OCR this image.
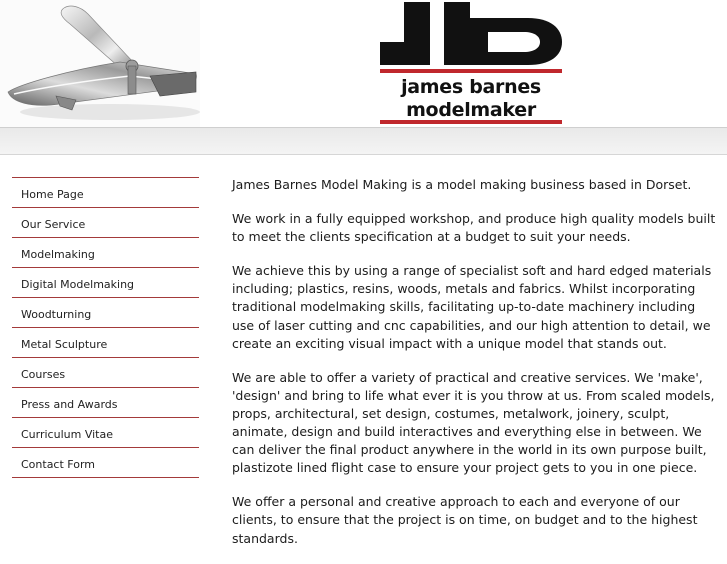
james barnes
modelmaker
Home Page
Our Service
Modelmaking
Digital Modelmaking
Woodturning
Metal Sculpture
Courses
Press and Awards
Curriculum Vitae
Contact Form

James Barnes Model Making is a model making business based in Dorset.

We work in a fully equipped workshop, and produce high quality models built to meet the clients specification at a budget to suit your needs.

We achieve this by using a range of specialist soft and hard edged materials including; plastics, resins, woods, metals and fabrics. Whilst incorporating traditional modelmaking skills, facilitating up-to-date machinery including use of laser cutting and cnc capabilities, and our high attention to detail, we create an exciting visual impact with a unique model that stands out.

We are able to offer a variety of practical and creative services. We 'make', 'design' and bring to life what ever it is you throw at us. From scaled models, props, architectural, set design, costumes, metalwork, joinery, sculpt, animate, design and build interactives and everything else in between. We can deliver the final product anywhere in the world in its own purpose built, plastizote lined flight case to ensure your project gets to you in one piece.

We offer a personal and creative approach to each and everyone of our clients, to ensure that the project is on time, on budget and to the highest standards.
